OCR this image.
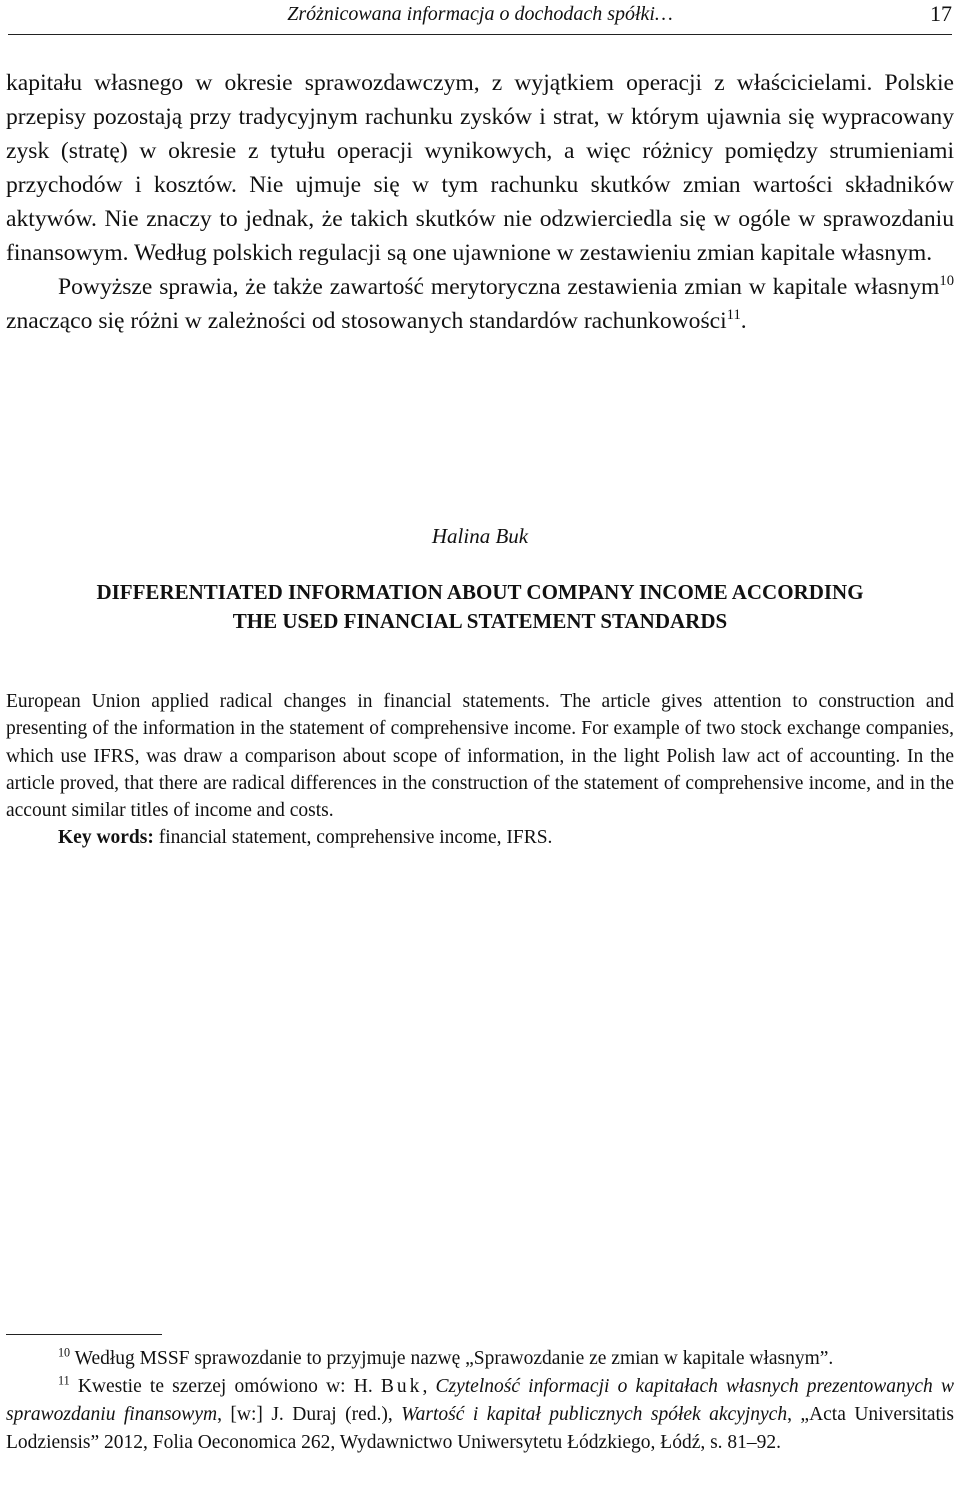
Zróżnicowana informacja o dochodach spółki…	17

kapitału własnego w okresie sprawozdawczym, z wyjątkiem operacji z właścicielami. Polskie przepisy pozostają przy tradycyjnym rachunku zysków i strat, w którym ujawnia się wypracowany zysk (stratę) w okresie z tytułu operacji wynikowych, a więc różnicy pomiędzy strumieniami przychodów i kosztów. Nie ujmuje się w tym rachunku skutków zmian wartości składników aktywów. Nie znaczy to jednak, że takich skutków nie odzwierciedla się w ogóle w sprawozdaniu finansowym. Według polskich regulacji są one ujawnione w zestawieniu zmian kapitale własnym.

Powyższe sprawia, że także zawartość merytoryczna zestawienia zmian w kapitale własnym$^{10}$ znacząco się różni w zależności od stosowanych standardów rachunkowości$^{11}$.

Halina Buk
DIFFERENTIATED INFORMATION ABOUT COMPANY INCOME ACCORDING
THE USED FINANCIAL STATEMENT STANDARDS

European Union applied radical changes in financial statements. The article gives attention to construction and presenting of the information in the statement of comprehensive income. For example of two stock exchange companies, which use IFRS, was draw a comparison about scope of information, in the light Polish law act of accounting. In the article proved, that there are radical differences in the construction of the statement of comprehensive income, and in the account similar titles of income and costs.

Key words: financial statement, comprehensive income, IFRS.

$^{10}$ Według MSSF sprawozdanie to przyjmuje nazwę „Sprawozdanie ze zmian w kapitale własnym”.

$^{11}$ Kwestie te szerzej omówiono w: H. Buk, Czytelność informacji o kapitałach własnych prezentowanych w sprawozdaniu finansowym, [w:] J. Duraj (red.), Wartość i kapitał publicznych spółek akcyjnych, „Acta Universitatis Lodziensis” 2012, Folia Oeconomica 262, Wydawnictwo Uniwersytetu Łódzkiego, Łódź, s. 81–92.
